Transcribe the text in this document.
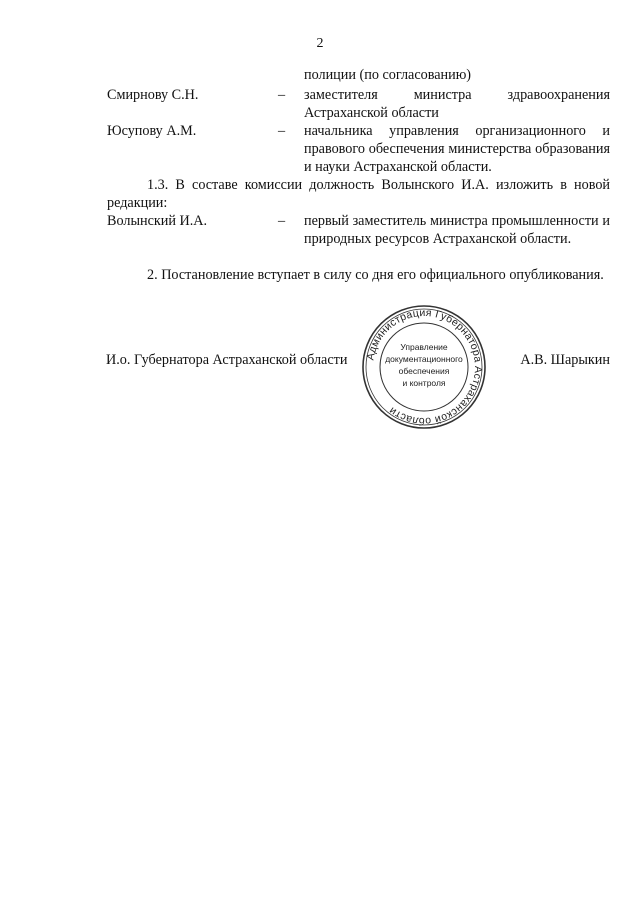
2
полиции (по согласованию)
Смирнову С.Н.	– заместителя министра здравоохранения Астраханской области
Юсупову А.М.	– начальника управления организационного и правового обеспечения министерства образования и науки Астраханской области.
1.3. В составе комиссии должность Волынского И.А. изложить в новой редакции:
Волынский И.А.	– первый заместитель министра промышленности и природных ресурсов Астраханской области.
2. Постановление вступает в силу со дня его официального опубликования.
И.о. Губернатора Астраханской области	А.В. Шарыкин
Администрация Губернатора Астраханской области
Управление
документационного
обеспечения
и контроля
